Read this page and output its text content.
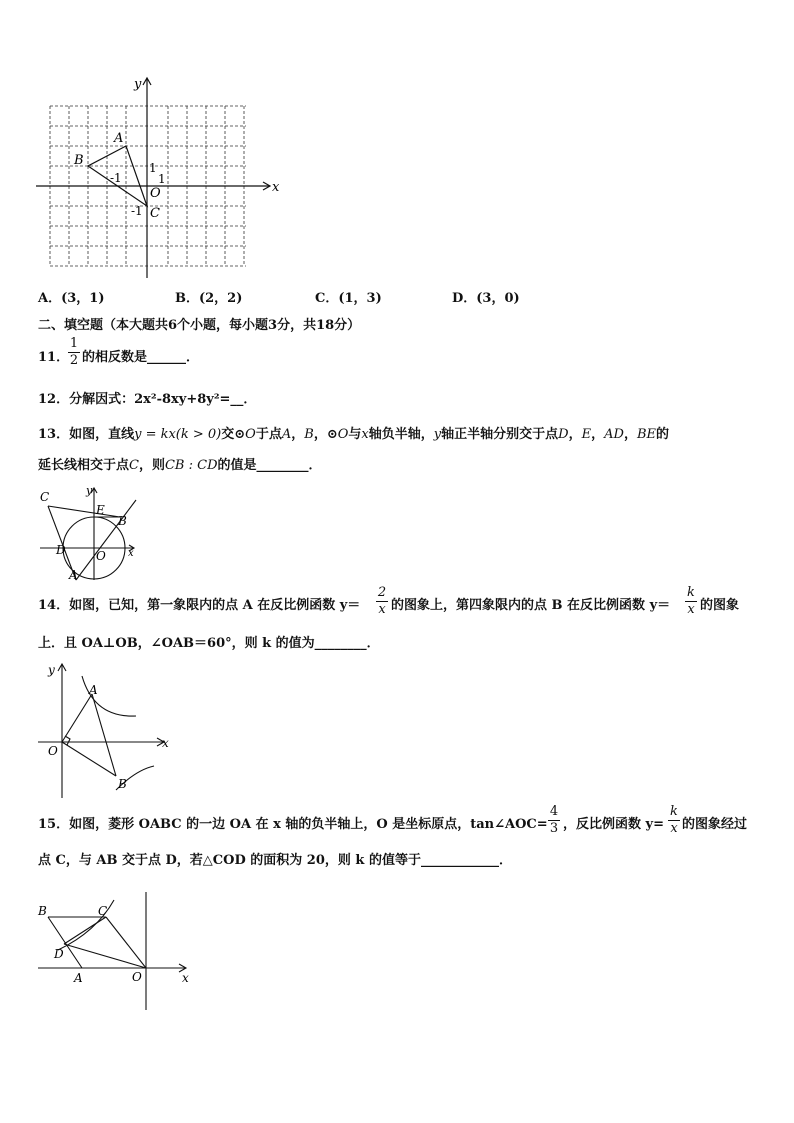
y
x
A
B
C
O
1
1
-1
-1
A．(3，1)	B．(2，2)	C．(1，3)	D．(3，0)
二、填空题（本大题共6个小题，每小题3分，共18分）
11．
1
2 的相反数是______．
12．分解因式：2x²-8xy+8y²=__．
13．如图，直线y = kx(k > 0)交⊙O于点A，B，⊙O与x轴负半轴，y轴正半轴分别交于点D，E，AD，BE的
延长线相交于点C，则CB : CD的值是________．
C	y
E
B
D	O x
A
14．如图，已知，第一象限内的点 A 在反比例函数 y＝
2
x 的图象上，第四象限内的点 B 在反比例函数 y＝
k
x 的图象
上．且 OA⊥OB，∠OAB＝60°，则 k 的值为________．
y
A
O
x
B
15．如图，菱形 OABC 的一边 OA 在 x 轴的负半轴上，O 是坐标原点，tan∠AOC=
4
3 ，反比例函数 y=
k
x 的图象经过
点 C，与 AB 交于点 D，若△COD 的面积为 20，则 k 的值等于____________．
B	C
D
A	O	x
